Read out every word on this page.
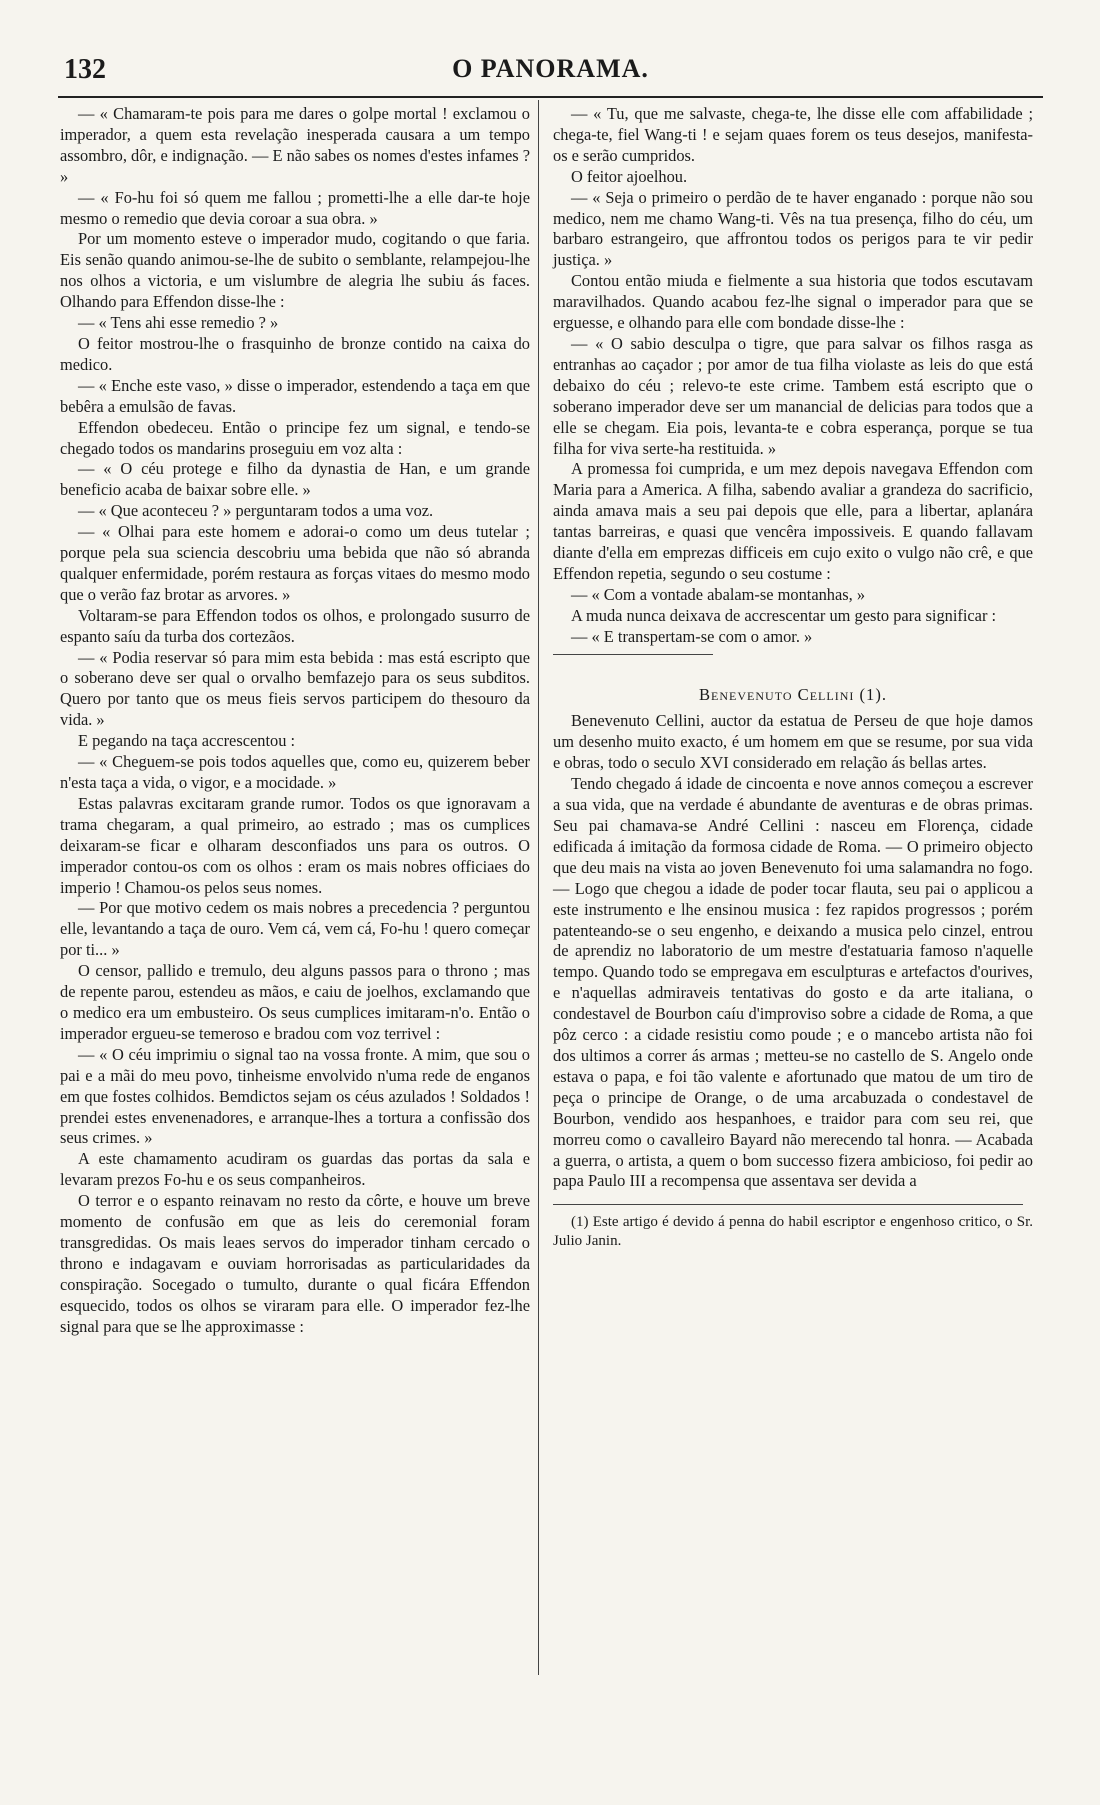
132	O PANORAMA.

— « Chamaram-te pois para me dares o golpe mortal ! exclamou o imperador, a quem esta revelação inesperada causara a um tempo assombro, dôr, e indignação. — E não sabes os nomes d'estes infames ? »

— « Fo-hu foi só quem me fallou ; prometti-lhe a elle dar-te hoje mesmo o remedio que devia coroar a sua obra. »

Por um momento esteve o imperador mudo, cogitando o que faria. Eis senão quando animou-se-lhe de subito o semblante, relampejou-lhe nos olhos a victoria, e um vislumbre de alegria lhe subiu ás faces. Olhando para Effendon disse-lhe :

— « Tens ahi esse remedio ? »

O feitor mostrou-lhe o frasquinho de bronze contido na caixa do medico.

— « Enche este vaso, » disse o imperador, estendendo a taça em que bebêra a emulsão de favas.

Effendon obedeceu. Então o principe fez um signal, e tendo-se chegado todos os mandarins proseguiu em voz alta :

— « O céu protege e filho da dynastia de Han, e um grande beneficio acaba de baixar sobre elle. »

— « Que aconteceu ? » perguntaram todos a uma voz.

— « Olhai para este homem e adorai-o como um deus tutelar ; porque pela sua sciencia descobriu uma bebida que não só abranda qualquer enfermidade, porém restaura as forças vitaes do mesmo modo que o verão faz brotar as arvores. »

Voltaram-se para Effendon todos os olhos, e prolongado susurro de espanto saíu da turba dos cortezãos.

— « Podia reservar só para mim esta bebida : mas está escripto que o soberano deve ser qual o orvalho bemfazejo para os seus subditos. Quero por tanto que os meus fieis servos participem do thesouro da vida. »

E pegando na taça accrescentou :

— « Cheguem-se pois todos aquelles que, como eu, quizerem beber n'esta taça a vida, o vigor, e a mocidade. »

Estas palavras excitaram grande rumor. Todos os que ignoravam a trama chegaram, a qual primeiro, ao estrado ; mas os cumplices deixaram-se ficar e olharam desconfiados uns para os outros. O imperador contou-os com os olhos : eram os mais nobres officiaes do imperio ! Chamou-os pelos seus nomes.

— Por que motivo cedem os mais nobres a precedencia ? perguntou elle, levantando a taça de ouro. Vem cá, vem cá, Fo-hu ! quero começar por ti... »

O censor, pallido e tremulo, deu alguns passos para o throno ; mas de repente parou, estendeu as mãos, e caiu de joelhos, exclamando que o medico era um embusteiro. Os seus cumplices imitaram-n'o. Então o imperador ergueu-se temeroso e bradou com voz terrivel :

— « O céu imprimiu o signal tao na vossa fronte. A mim, que sou o pai e a mãi do meu povo, tinheisme envolvido n'uma rede de enganos em que fostes colhidos. Bemdictos sejam os céus azulados ! Soldados ! prendei estes envenenadores, e arranque-lhes a tortura a confissão dos seus crimes. »

A este chamamento acudiram os guardas das portas da sala e levaram prezos Fo-hu e os seus companheiros.

O terror e o espanto reinavam no resto da côrte, e houve um breve momento de confusão em que as leis do ceremonial foram transgredidas. Os mais leaes servos do imperador tinham cercado o throno e indagavam e ouviam horrorisadas as particularidades da conspiração. Socegado o tumulto, durante o qual ficára Effendon esquecido, todos os olhos se viraram para elle. O imperador fez-lhe signal para que se lhe approximasse :

— « Tu, que me salvaste, chega-te, lhe disse elle com affabilidade ; chega-te, fiel Wang-ti ! e sejam quaes forem os teus desejos, manifesta-os e serão cumpridos.

O feitor ajoelhou.

— « Seja o primeiro o perdão de te haver enganado : porque não sou medico, nem me chamo Wang-ti. Vês na tua presença, filho do céu, um barbaro estrangeiro, que affrontou todos os perigos para te vir pedir justiça. »

Contou então miuda e fielmente a sua historia que todos escutavam maravilhados. Quando acabou fez-lhe signal o imperador para que se erguesse, e olhando para elle com bondade disse-lhe :

— « O sabio desculpa o tigre, que para salvar os filhos rasga as entranhas ao caçador ; por amor de tua filha violaste as leis do que está debaixo do céu ; relevo-te este crime. Tambem está escripto que o soberano imperador deve ser um manancial de delicias para todos que a elle se chegam. Eia pois, levanta-te e cobra esperança, porque se tua filha for viva serte-ha restituida. »

A promessa foi cumprida, e um mez depois navegava Effendon com Maria para a America. A filha, sabendo avaliar a grandeza do sacrificio, ainda amava mais a seu pai depois que elle, para a libertar, aplanára tantas barreiras, e quasi que vencêra impossiveis. E quando fallavam diante d'ella em emprezas difficeis em cujo exito o vulgo não crê, e que Effendon repetia, segundo o seu costume :

— « Com a vontade abalam-se montanhas, »

A muda nunca deixava de accrescentar um gesto para significar :

— « E transpertam-se com o amor. »

Benevenuto Cellini (1).

Benevenuto Cellini, auctor da estatua de Perseu de que hoje damos um desenho muito exacto, é um homem em que se resume, por sua vida e obras, todo o seculo XVI considerado em relação ás bellas artes.

Tendo chegado á idade de cincoenta e nove annos começou a escrever a sua vida, que na verdade é abundante de aventuras e de obras primas. Seu pai chamava-se André Cellini : nasceu em Florença, cidade edificada á imitação da formosa cidade de Roma. — O primeiro objecto que deu mais na vista ao joven Benevenuto foi uma salamandra no fogo. — Logo que chegou a idade de poder tocar flauta, seu pai o applicou a este instrumento e lhe ensinou musica : fez rapidos progressos ; porém patenteando-se o seu engenho, e deixando a musica pelo cinzel, entrou de aprendiz no laboratorio de um mestre d'estatuaria famoso n'aquelle tempo. Quando todo se empregava em esculpturas e artefactos d'ourives, e n'aquellas admiraveis tentativas do gosto e da arte italiana, o condestavel de Bourbon caíu d'improviso sobre a cidade de Roma, a que pôz cerco : a cidade resistiu como poude ; e o mancebo artista não foi dos ultimos a correr ás armas ; metteu-se no castello de S. Angelo onde estava o papa, e foi tão valente e afortunado que matou de um tiro de peça o principe de Orange, o de uma arcabuzada o condestavel de Bourbon, vendido aos hespanhoes, e traidor para com seu rei, que morreu como o cavalleiro Bayard não merecendo tal honra. — Acabada a guerra, o artista, a quem o bom successo fizera ambicioso, foi pedir ao papa Paulo III a recompensa que assentava ser devida a

(1) Este artigo é devido á penna do habil escriptor e engenhoso critico, o Sr. Julio Janin.
